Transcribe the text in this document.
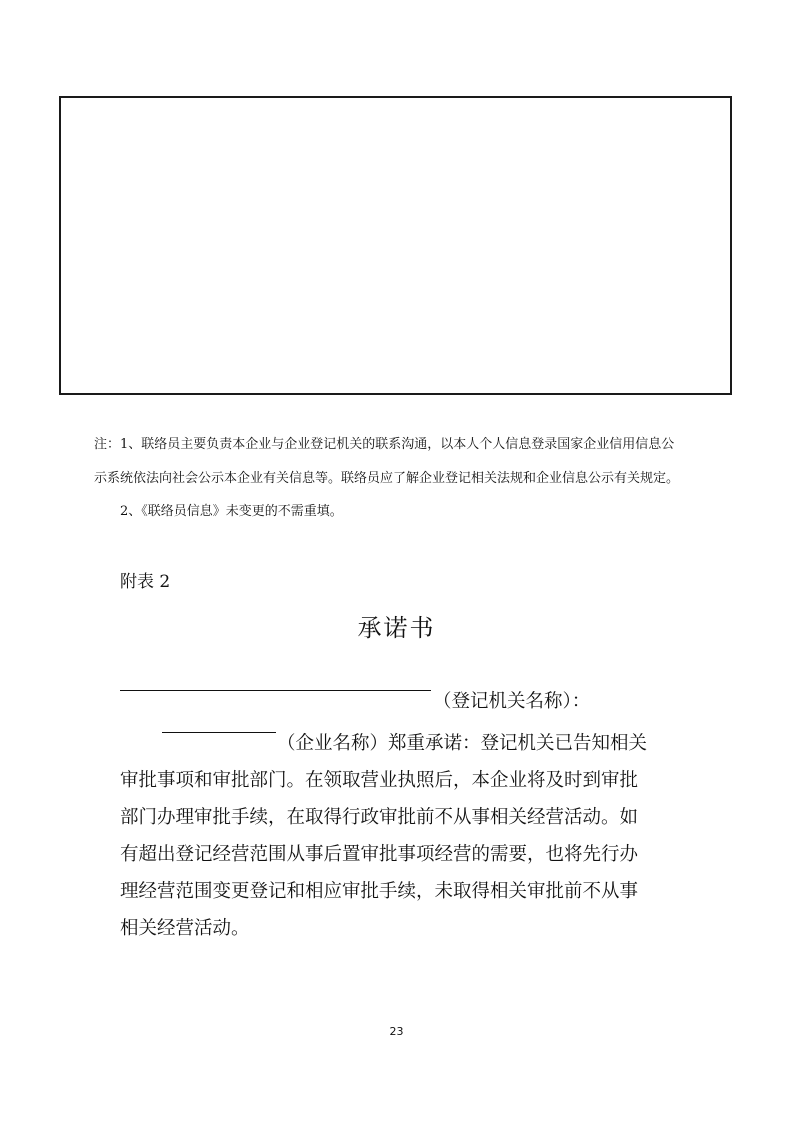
注：1、联络员主要负责本企业与企业登记机关的联系沟通，以本人个人信息登录国家企业信用信息公
示系统依法向社会公示本企业有关信息等。联络员应了解企业登记相关法规和企业信息公示有关规定。
2、《联络员信息》未变更的不需重填。
附表 2
承诺书
（登记机关名称）：
（企业名称）郑重承诺：登记机关已告知相关
审批事项和审批部门。在领取营业执照后，本企业将及时到审批
部门办理审批手续，在取得行政审批前不从事相关经营活动。如
有超出登记经营范围从事后置审批事项经营的需要，也将先行办
理经营范围变更登记和相应审批手续，未取得相关审批前不从事
相关经营活动。
23
